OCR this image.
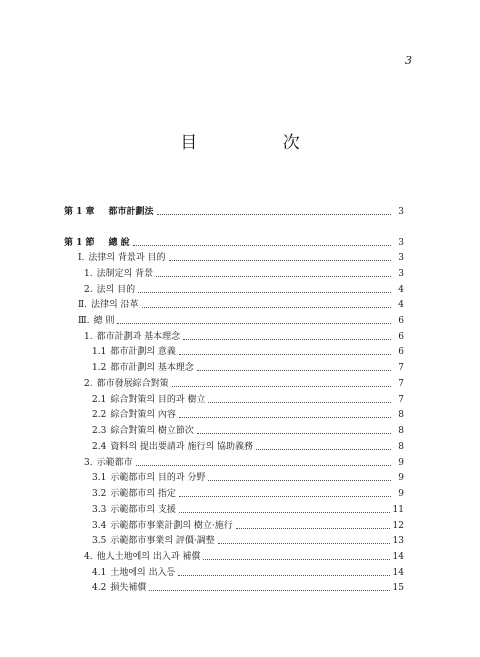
3
目 次
第 1 章 都市計劃法	3
第 1 節 總 說	3
Ⅰ. 法律의 背景과 目的	3
1. 法制定의 背景	3
2. 法의 目的	4
Ⅱ. 法律의 沿革	4
Ⅲ. 總 則	6
1. 都市計劃과 基本理念	6
1.1 都市計劃의 意義	6
1.2 都市計劃의 基本理念	7
2. 都市發展綜合對策	7
2.1 綜合對策의 目的과 樹立	7
2.2 綜合對策의 內容	8
2.3 綜合對策의 樹立節次	8
2.4 資料의 提出要請과 施行의 協助義務	8
3. 示範都市	9
3.1 示範都市의 目的과 分野	9
3.2 示範都市의 指定	9
3.3 示範都市의 支援	11
3.4 示範都市事業計劃의 樹立·施行	12
3.5 示範都市事業의 評價·調整	13
4. 他人土地에의 出入과 補償	14
4.1 土地에의 出入등	14
4.2 損失補償	15
